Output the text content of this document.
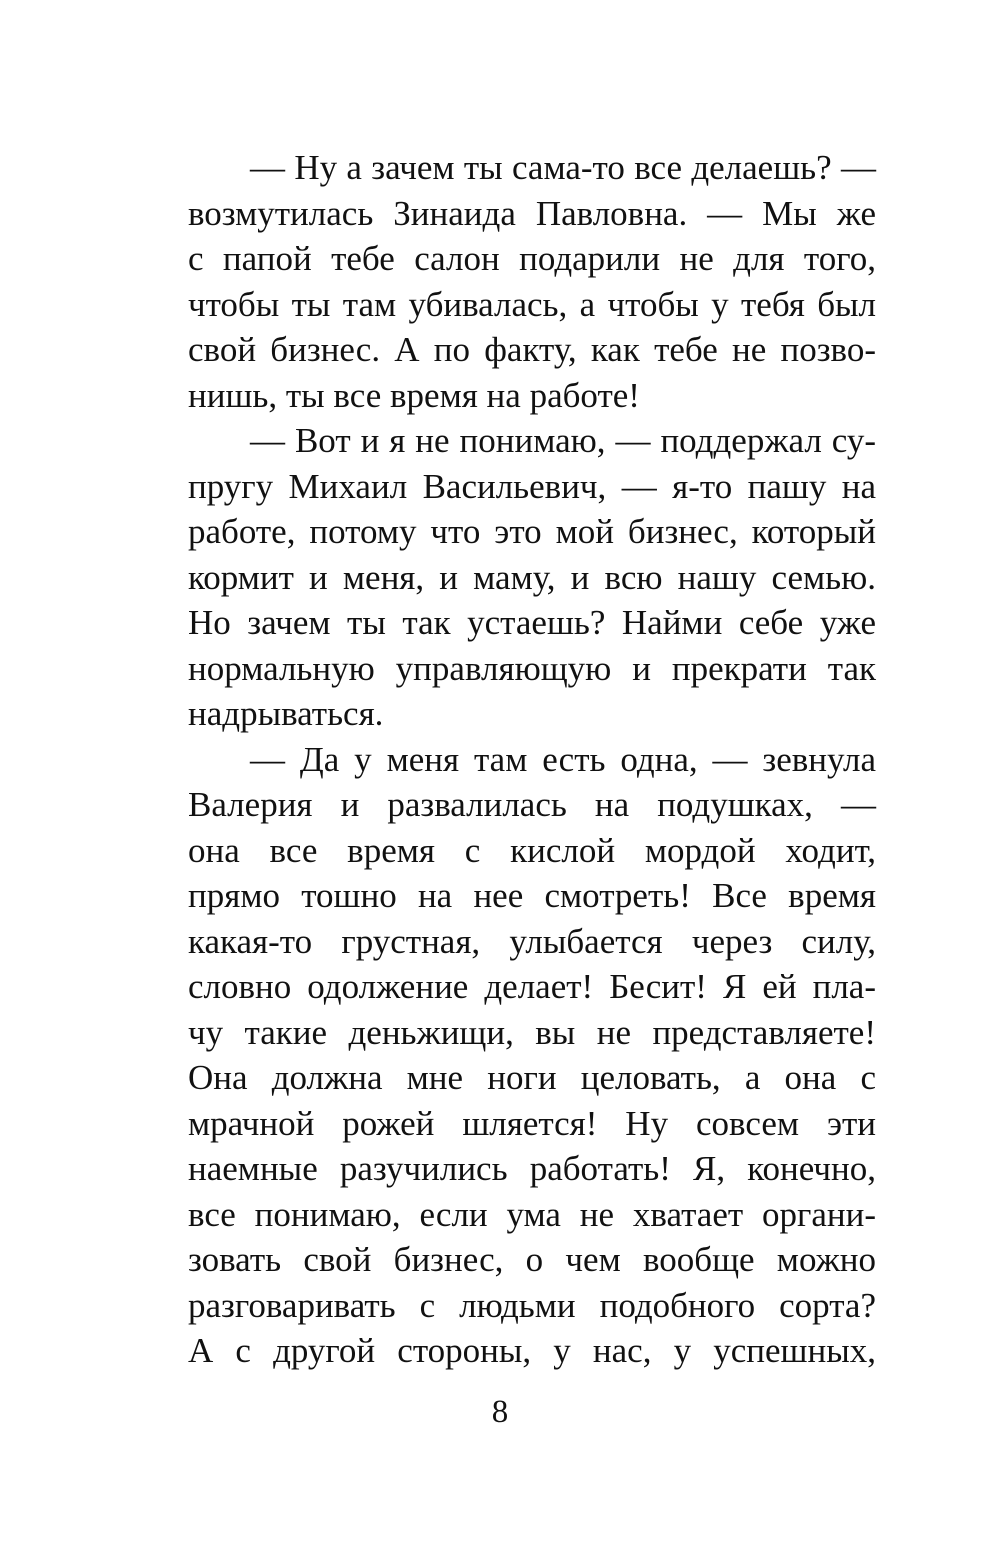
— Ну а зачем ты сама-то все делаешь? —
возмутилась Зинаида Павловна. — Мы же
с папой тебе салон подарили не для того,
чтобы ты там убивалась, а чтобы у тебя был
свой бизнес. А по факту, как тебе не позво-
нишь, ты все время на работе!
— Вот и я не понимаю, — поддержал су-
пругу Михаил Васильевич, — я-то пашу на
работе, потому что это мой бизнес, который
кормит и меня, и маму, и всю нашу семью.
Но зачем ты так устаешь? Найми себе уже
нормальную управляющую и прекрати так
надрываться.
— Да у меня там есть одна, — зевнула
Валерия и развалилась на подушках, —
она все время с кислой мордой ходит,
прямо тошно на нее смотреть! Все время
какая-то грустная, улыбается через силу,
словно одолжение делает! Бесит! Я ей пла-
чу такие деньжищи, вы не представляете!
Она должна мне ноги целовать, а она с
мрачной рожей шляется! Ну совсем эти
наемные разучились работать! Я, конечно,
все понимаю, если ума не хватает органи-
зовать свой бизнес, о чем вообще можно
разговаривать с людьми подобного сорта?
А с другой стороны, у нас, у успешных,
8
